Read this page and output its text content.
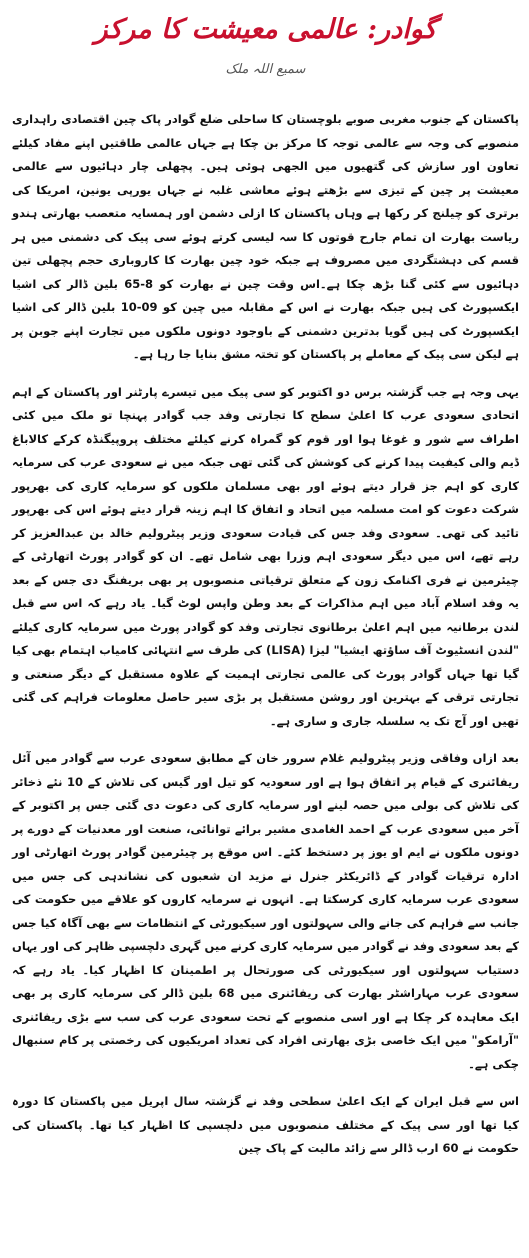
گوادر: عالمی معیشت کا مرکز
سمیع اللہ ملک

پاکستان کے جنوب مغربی صوبے بلوچستان کا ساحلی ضلع گوادر پاک چین اقتصادی راہداری منصوبے کی وجہ سے عالمی توجہ کا مرکز بن چکا ہے جہاں عالمی طاقتیں اپنے مفاد کیلئے تعاون اور سازش کی گتھیوں میں الجھی ہوئی ہیں۔ پچھلی چار دہائیوں سے عالمی معیشت پر چین کے تیزی سے بڑھتے ہوئے معاشی غلبہ نے جہاں یورپی یونین، امریکا کی برتری کو چیلنج کر رکھا ہے وہاں پاکستان کا ازلی دشمن اور ہمسایہ متعصب بھارتی ہندو ریاست بھارت ان تمام جارح قوتوں کا سہ لیسی کرتے ہوئے سی پیک کی دشمنی میں ہر قسم کی دہشتگردی میں مصروف ہے جبکہ خود چین بھارت کا کاروباری حجم پچھلی تین دہائیوں سے کئی گنا بڑھ چکا ہے۔اس وقت چین نے بھارت کو 8-65 بلین ڈالر کی اشیا ایکسپورٹ کی ہیں جبکہ بھارت نے اس کے مقابلہ میں چین کو 09-10 بلین ڈالر کی اشیا ایکسپورٹ کی ہیں گویا بدترین دشمنی کے باوجود دونوں ملکوں میں تجارت اپنے جوبن پر ہے لیکن سی پیک کے معاملے پر پاکستان کو تختہ مشق بنایا جا رہا ہے۔

یہی وجہ ہے جب گزشتہ برس دو اکتوبر کو سی پیک میں تیسرے پارٹنر اور پاکستان کے اہم اتحادی سعودی عرب کا اعلیٰ سطح کا تجارتی وفد جب گوادر پہنچا تو ملک میں کئی اطراف سے شور و غوغا ہوا اور قوم کو گمراہ کرنے کیلئے مختلف پروپیگنڈہ کرکے کالاباغ ڈیم والی کیفیت پیدا کرنے کی کوشش کی گئی تھی جبکہ میں نے سعودی عرب کی سرمایہ کاری کو اہم جز قرار دیتے ہوئے اور بھی مسلمان ملکوں کو سرمایہ کاری کی بھرپور شرکت دعوت کو امت مسلمہ میں اتحاد و اتفاق کا اہم زینہ قرار دیتے ہوئے اس کی بھرپور تائید کی تھی۔ سعودی وفد جس کی قیادت سعودی وزیر پیٹرولیم خالد بن عبدالعزیز کر رہے تھے، اس میں دیگر سعودی اہم وزرا بھی شامل تھے۔ ان کو گوادر پورٹ اتھارٹی کے چیئرمین نے فری اکنامک زون کے متعلق ترقیاتی منصوبوں پر بھی بریفنگ دی جس کے بعد یہ وفد اسلام آباد میں اہم مذاکرات کے بعد وطن واپس لوٹ گیا۔ یاد رہے کہ اس سے قبل لندن برطانیہ میں اہم اعلیٰ برطانوی تجارتی وفد کو گوادر پورٹ میں سرمایہ کاری کیلئے "لندن انسٹیوٹ آف ساؤتھ ایشیا" لیزا (LISA) کی طرف سے انتہائی کامیاب اہتمام بھی کیا گیا تھا جہاں گوادر پورٹ کی عالمی تجارتی اہمیت کے علاوہ مستقبل کے دیگر صنعتی و تجارتی ترقی کے بہترین اور روشن مستقبل پر بڑی سیر حاصل معلومات فراہم کی گئی تھیں اور آج تک یہ سلسلہ جاری و ساری ہے۔

بعد ازاں وفاقی وزیر پیٹرولیم غلام سرور خان کے مطابق سعودی عرب سے گوادر میں آئل ریفائنری کے قیام پر اتفاق ہوا ہے اور سعودیہ کو تیل اور گیس کی تلاش کے 10 نئے ذخائر کی تلاش کی بولی میں حصہ لینے اور سرمایہ کاری کی دعوت دی گئی جس پر اکتوبر کے آخر میں سعودی عرب کے احمد الغامدی مشیر برائے توانائی، صنعت اور معدنیات کے دورے پر دونوں ملکوں نے ایم او یوز پر دستخط کئے۔ اس موقع پر چیئرمین گوادر پورٹ اتھارٹی اور ادارہ ترقیات گوادر کے ڈائریکٹر جنرل نے مزید ان شعبوں کی نشاندہی کی جس میں سعودی عرب سرمایہ کاری کرسکتا ہے۔ انہوں نے سرمایہ کاروں کو علاقے میں حکومت کی جانب سے فراہم کی جانے والی سہولتوں اور سیکیورٹی کے انتظامات سے بھی آگاہ کیا جس کے بعد سعودی وفد نے گوادر میں سرمایہ کاری کرنے میں گہری دلچسپی ظاہر کی اور یہاں دستیاب سہولتوں اور سیکیورٹی کی صورتحال پر اطمینان کا اظہار کیا۔ یاد رہے کہ سعودی عرب مہاراشٹر بھارت کی ریفائنری میں 68 بلین ڈالر کی سرمایہ کاری پر بھی ایک معاہدہ کر چکا ہے اور اسی منصوبے کے تحت سعودی عرب کی سب سے بڑی ریفائنری "آرامکو" میں ایک خاصی بڑی بھارتی افراد کی تعداد امریکیوں کی رخصتی پر کام سنبھال چکی ہے۔

اس سے قبل ایران کے ایک اعلیٰ سطحی وفد نے گزشتہ سال اپریل میں پاکستان کا دورہ کیا تھا اور سی پیک کے مختلف منصوبوں میں دلچسپی کا اظہار کیا تھا۔ پاکستان کی حکومت نے 60 ارب ڈالر سے زائد مالیت کے پاک چین
